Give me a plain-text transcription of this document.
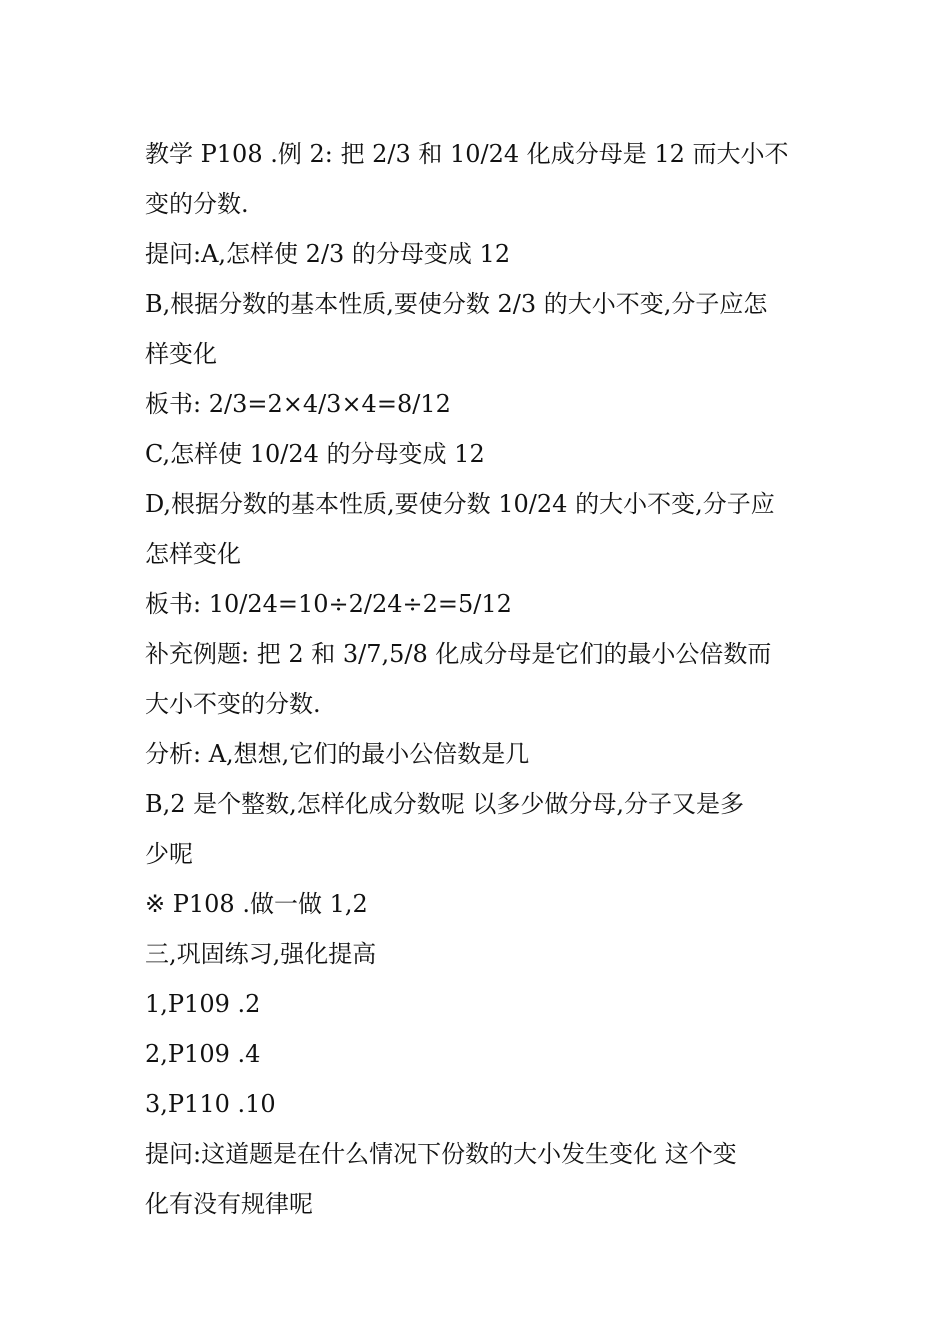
教学 P108 .例 2: 把 2/3 和 10/24 化成分母是 12 而大小不
变的分数.
提问:A,怎样使 2/3 的分母变成 12
B,根据分数的基本性质,要使分数 2/3 的大小不变,分子应怎
样变化
板书: 2/3=2×4/3×4=8/12
C,怎样使 10/24 的分母变成 12
D,根据分数的基本性质,要使分数 10/24 的大小不变,分子应
怎样变化
板书: 10/24=10÷2/24÷2=5/12
补充例题: 把 2 和 3/7,5/8 化成分母是它们的最小公倍数而
大小不变的分数.
分析: A,想想,它们的最小公倍数是几
B,2 是个整数,怎样化成分数呢 以多少做分母,分子又是多
少呢
※ P108 .做一做 1,2
三,巩固练习,强化提高
1,P109 .2
2,P109 .4
3,P110 .10
提问:这道题是在什么情况下份数的大小发生变化 这个变
化有没有规律呢
